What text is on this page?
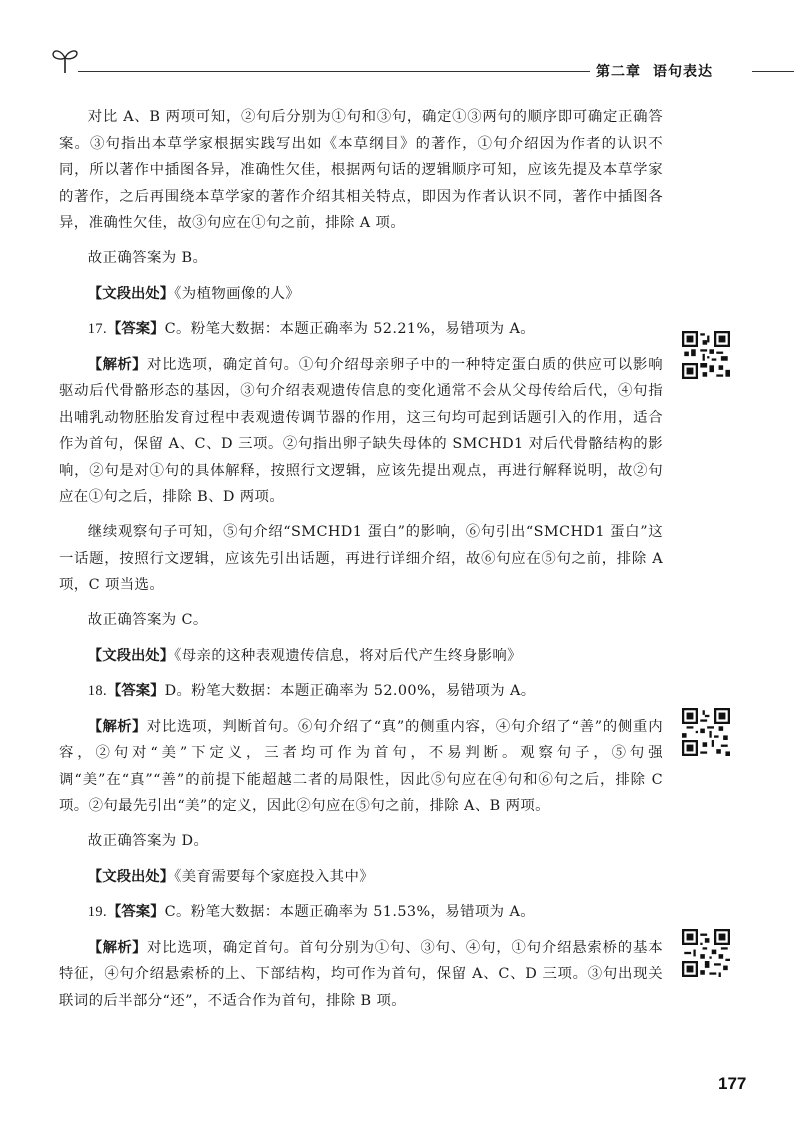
第二章 语句表达

对比 A、B 两项可知，②句后分别为①句和③句，确定①③两句的顺序即可确定正确答案。③句指出本草学家根据实践写出如《本草纲目》的著作，①句介绍因为作者的认识不同，所以著作中插图各异，准确性欠佳，根据两句话的逻辑顺序可知，应该先提及本草学家的著作，之后再围绕本草学家的著作介绍其相关特点，即因为作者认识不同，著作中插图各异，准确性欠佳，故③句应在①句之前，排除 A 项。

故正确答案为 B。

【文段出处】《为植物画像的人》

17.【答案】C。粉笔大数据：本题正确率为 52.21%，易错项为 A。

【解析】对比选项，确定首句。①句介绍母亲卵子中的一种特定蛋白质的供应可以影响驱动后代骨骼形态的基因，③句介绍表观遗传信息的变化通常不会从父母传给后代，④句指出哺乳动物胚胎发育过程中表观遗传调节器的作用，这三句均可起到话题引入的作用，适合作为首句，保留 A、C、D 三项。②句指出卵子缺失母体的 SMCHD1 对后代骨骼结构的影响，②句是对①句的具体解释，按照行文逻辑，应该先提出观点，再进行解释说明，故②句应在①句之后，排除 B、D 两项。

继续观察句子可知，⑤句介绍“SMCHD1 蛋白”的影响，⑥句引出“SMCHD1 蛋白”这一话题，按照行文逻辑，应该先引出话题，再进行详细介绍，故⑥句应在⑤句之前，排除 A 项，C 项当选。

故正确答案为 C。

【文段出处】《母亲的这种表观遗传信息，将对后代产生终身影响》

18.【答案】D。粉笔大数据：本题正确率为 52.00%，易错项为 A。

【解析】对比选项，判断首句。⑥句介绍了“真”的侧重内容，④句介绍了“善”的侧重内容，②句对“美”下定义，三者均可作为首句，不易判断。观察句子，⑤句强调“美”在“真”“善”的前提下能超越二者的局限性，因此⑤句应在④句和⑥句之后，排除 C 项。②句最先引出“美”的定义，因此②句应在⑤句之前，排除 A、B 两项。

故正确答案为 D。

【文段出处】《美育需要每个家庭投入其中》

19.【答案】C。粉笔大数据：本题正确率为 51.53%，易错项为 A。

【解析】对比选项，确定首句。首句分别为①句、③句、④句，①句介绍悬索桥的基本特征，④句介绍悬索桥的上、下部结构，均可作为首句，保留 A、C、D 三项。③句出现关联词的后半部分“还”，不适合作为首句，排除 B 项。

177
